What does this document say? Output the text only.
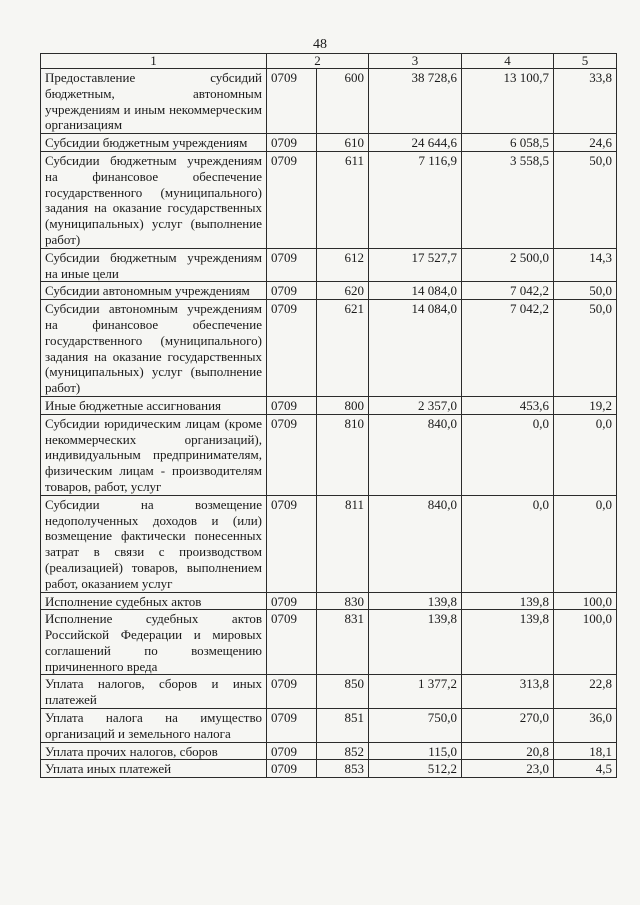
48
1	2		3	4	5
Предоставление субсидий бюджетным, автономным учреждениям и иным некоммерческим организациям	0709	600	38 728,6	13 100,7	33,8
Субсидии бюджетным учреждениям	0709	610	24 644,6	6 058,5	24,6
Субсидии бюджетным учреждениям на финансовое обеспечение государственного (муниципального) задания на оказание государственных (муниципальных) услуг (выполнение работ)	0709	611	7 116,9	3 558,5	50,0
Субсидии бюджетным учреждениям на иные цели	0709	612	17 527,7	2 500,0	14,3
Субсидии автономным учреждениям	0709	620	14 084,0	7 042,2	50,0
Субсидии автономным учреждениям на финансовое обеспечение государственного (муниципального) задания на оказание государственных (муниципальных) услуг (выполнение работ)	0709	621	14 084,0	7 042,2	50,0
Иные бюджетные ассигнования	0709	800	2 357,0	453,6	19,2
Субсидии юридическим лицам (кроме некоммерческих организаций), индивидуальным предпринимателям, физическим лицам - производителям товаров, работ, услуг	0709	810	840,0	0,0	0,0
Субсидии на возмещение недополученных доходов и (или) возмещение фактически понесенных затрат в связи с производством (реализацией) товаров, выполнением работ, оказанием услуг	0709	811	840,0	0,0	0,0
Исполнение судебных актов	0709	830	139,8	139,8	100,0
Исполнение судебных актов Российской Федерации и мировых соглашений по возмещению причиненного вреда	0709	831	139,8	139,8	100,0
Уплата налогов, сборов и иных платежей	0709	850	1 377,2	313,8	22,8
Уплата налога на имущество организаций и земельного налога	0709	851	750,0	270,0	36,0
Уплата прочих налогов, сборов	0709	852	115,0	20,8	18,1
Уплата иных платежей	0709	853	512,2	23,0	4,5
